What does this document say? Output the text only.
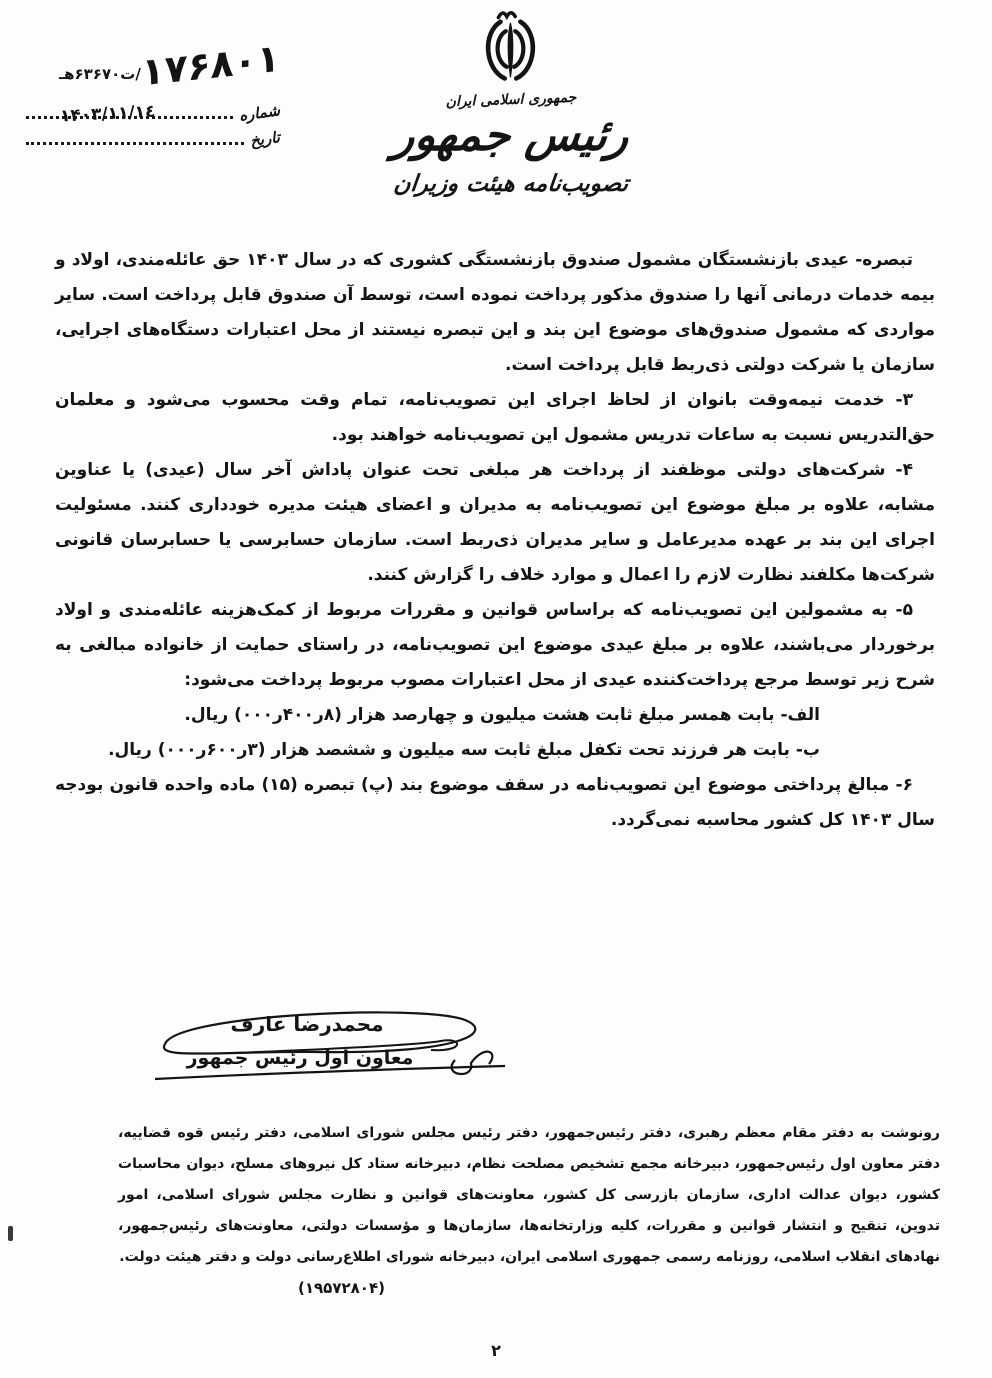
۱۷۶۸۰۱
/ت۶۳۶۷۰هـ
شماره
تاریخ
۱۴۰۳/۱۱/۱٤
جمهوری اسلامی ایران
رئیس جمهور
تصویب‌نامه هیئت وزیران

تبصره- عیدی بازنشستگان مشمول صندوق بازنشستگی کشوری که در سال ۱۴۰۳ حق عائله‌مندی، اولاد و بیمه خدمات درمانی آنها را صندوق مذکور پرداخت نموده است، توسط آن صندوق قابل پرداخت است. سایر مواردی که مشمول صندوق‌های موضوع این بند و این تبصره نیستند از محل اعتبارات دستگاه‌های اجرایی، سازمان یا شرکت دولتی ذی‌ربط قابل پرداخت است.

۳- خدمت نیمه‌وقت بانوان از لحاظ اجرای این تصویب‌نامه، تمام وقت محسوب می‌شود و معلمان حق‌التدریس نسبت به ساعات تدریس مشمول این تصویب‌نامه خواهند بود.

۴- شرکت‌های دولتی موظفند از پرداخت هر مبلغی تحت عنوان پاداش آخر سال (عیدی) یا عناوین مشابه، علاوه بر مبلغ موضوع این تصویب‌نامه به مدیران و اعضای هیئت مدیره خودداری کنند. مسئولیت اجرای این بند بر عهده مدیرعامل و سایر مدیران ذی‌ربط است. سازمان حسابرسی یا حسابرسان قانونی شرکت‌ها مکلفند نظارت لازم را اعمال و موارد خلاف را گزارش کنند.

۵- به مشمولین این تصویب‌نامه که براساس قوانین و مقررات مربوط از کمک‌هزینه عائله‌مندی و اولاد برخوردار می‌باشند، علاوه بر مبلغ عیدی موضوع این تصویب‌نامه، در راستای حمایت از خانواده مبالغی به شرح زیر توسط مرجع پرداخت‌کننده عیدی از محل اعتبارات مصوب مربوط پرداخت می‌شود:

الف- بابت همسر مبلغ ثابت هشت میلیون و چهارصد هزار (۸ر۴۰۰ر۰۰۰) ریال.

ب- بابت هر فرزند تحت تکفل مبلغ ثابت سه میلیون و ششصد هزار (۳ر۶۰۰ر۰۰۰) ریال.

۶- مبالغ پرداختی موضوع این تصویب‌نامه در سقف موضوع بند (پ) تبصره (۱۵) ماده واحده قانون بودجه سال ۱۴۰۳ کل کشور محاسبه نمی‌گردد.

محمدرضا عارف
معاون اول رئیس جمهور

رونوشت به دفتر مقام معظم رهبری، دفتر رئیس‌جمهور، دفتر رئیس مجلس شورای اسلامی، دفتر رئیس قوه قضاییه، دفتر معاون اول رئیس‌جمهور، دبیرخانه مجمع تشخیص مصلحت نظام، دبیرخانه ستاد کل نیروهای مسلح، دیوان محاسبات کشور، دیوان عدالت اداری، سازمان بازرسی کل کشور، معاونت‌های قوانین و نظارت مجلس شورای اسلامی، امور تدوین، تنقیح و انتشار قوانین و مقررات، کلیه وزارتخانه‌ها، سازمان‌ها و مؤسسات دولتی، معاونت‌های رئیس‌جمهور، نهادهای انقلاب اسلامی، روزنامه رسمی جمهوری اسلامی ایران، دبیرخانه شورای اطلاع‌رسانی دولت و دفتر هیئت دولت.

(۱۹۵۷۲۸۰۴)
۲
